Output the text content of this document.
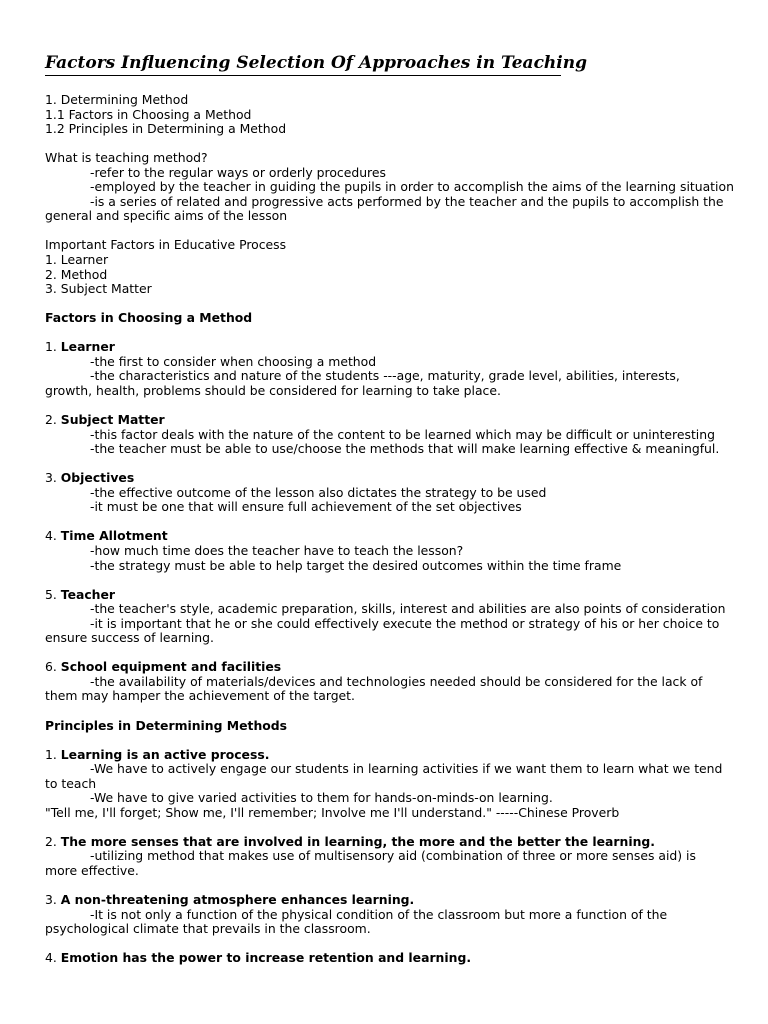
Factors Influencing Selection Of Approaches in Teaching
1. Determining Method
1.1 Factors in Choosing a Method
1.2 Principles in Determining a Method
What is teaching method?
-refer to the regular ways or orderly procedures
-employed by the teacher in guiding the pupils in order to accomplish the aims of the learning situation
-is a series of related and progressive acts performed by the teacher and the pupils to accomplish the general and specific aims of the lesson
Important Factors in Educative Process
1. Learner
2. Method
3. Subject Matter
Factors in Choosing a Method
1. Learner
-the first to consider when choosing a method
-the characteristics and nature of the students ---age, maturity, grade level, abilities, interests, growth, health, problems should be considered for learning to take place.
2. Subject Matter
-this factor deals with the nature of the content to be learned which may be difficult or uninteresting
-the teacher must be able to use/choose the methods that will make learning effective & meaningful.
3. Objectives
-the effective outcome of the lesson also dictates the strategy to be used
-it must be one that will ensure full achievement of the set objectives
4. Time Allotment
-how much time does the teacher have to teach the lesson?
-the strategy must be able to help target the desired outcomes within the time frame
5. Teacher
-the teacher's style, academic preparation, skills, interest and abilities are also points of consideration
-it is important that he or she could effectively execute the method or strategy of his or her choice to ensure success of learning.
6. School equipment and facilities
-the availability of materials/devices and technologies needed should be considered for the lack of them may hamper the achievement of the target.
Principles in Determining Methods
1. Learning is an active process.
-We have to actively engage our students in learning activities if we want them to learn what we tend to teach
-We have to give varied activities to them for hands-on-minds-on learning.
"Tell me, I'll forget; Show me, I'll remember; Involve me I'll understand." -----Chinese Proverb
2. The more senses that are involved in learning, the more and the better the learning.
-utilizing method that makes use of multisensory aid (combination of three or more senses aid) is more effective.
3. A non-threatening atmosphere enhances learning.
-It is not only a function of the physical condition of the classroom but more a function of the psychological climate that prevails in the classroom.
4. Emotion has the power to increase retention and learning.
